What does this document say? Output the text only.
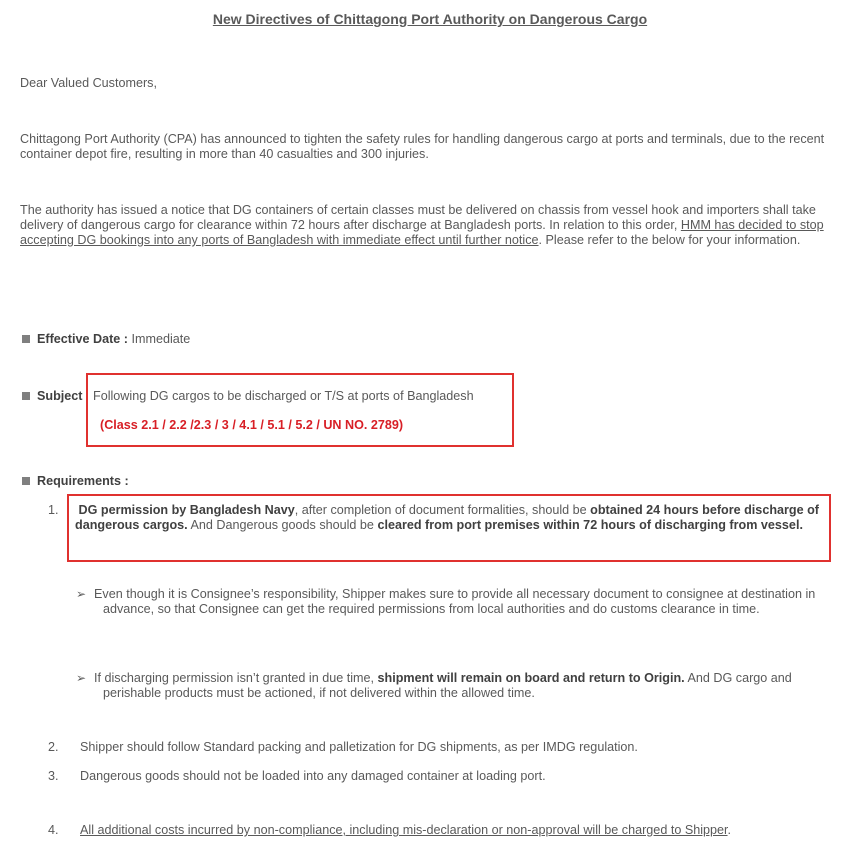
New Directives of Chittagong Port Authority on Dangerous Cargo
Dear Valued Customers,
Chittagong Port Authority (CPA) has announced to tighten the safety rules for handling dangerous cargo at ports and terminals, due to the recent container depot fire, resulting in more than 40 casualties and 300 injuries.
The authority has issued a notice that DG containers of certain classes must be delivered on chassis from vessel hook and importers shall take delivery of dangerous cargo for clearance within 72 hours after discharge at Bangladesh ports. In relation to this order, HMM has decided to stop accepting DG bookings into any ports of Bangladesh with immediate effect until further notice. Please refer to the below for your information.
Effective Date : Immediate
Subject Following DG cargos to be discharged or T/S at ports of Bangladesh
(Class 2.1 / 2.2 /2.3 / 3 / 4.1 / 5.1 / 5.2 / UN NO. 2789)
Requirements :
1. DG permission by Bangladesh Navy, after completion of document formalities, should be obtained 24 hours before discharge of dangerous cargos. And Dangerous goods should be cleared from port premises within 72 hours of discharging from vessel.
➢ Even though it is Consignee’s responsibility, Shipper makes sure to provide all necessary document to consignee at destination in advance, so that Consignee can get the required permissions from local authorities and do customs clearance in time.
➢ If discharging permission isn’t granted in due time, shipment will remain on board and return to Origin. And DG cargo and perishable products must be actioned, if not delivered within the allowed time.
2. Shipper should follow Standard packing and palletization for DG shipments, as per IMDG regulation.
3. Dangerous goods should not be loaded into any damaged container at loading port.
4. All additional costs incurred by non-compliance, including mis-declaration or non-approval will be charged to Shipper.
